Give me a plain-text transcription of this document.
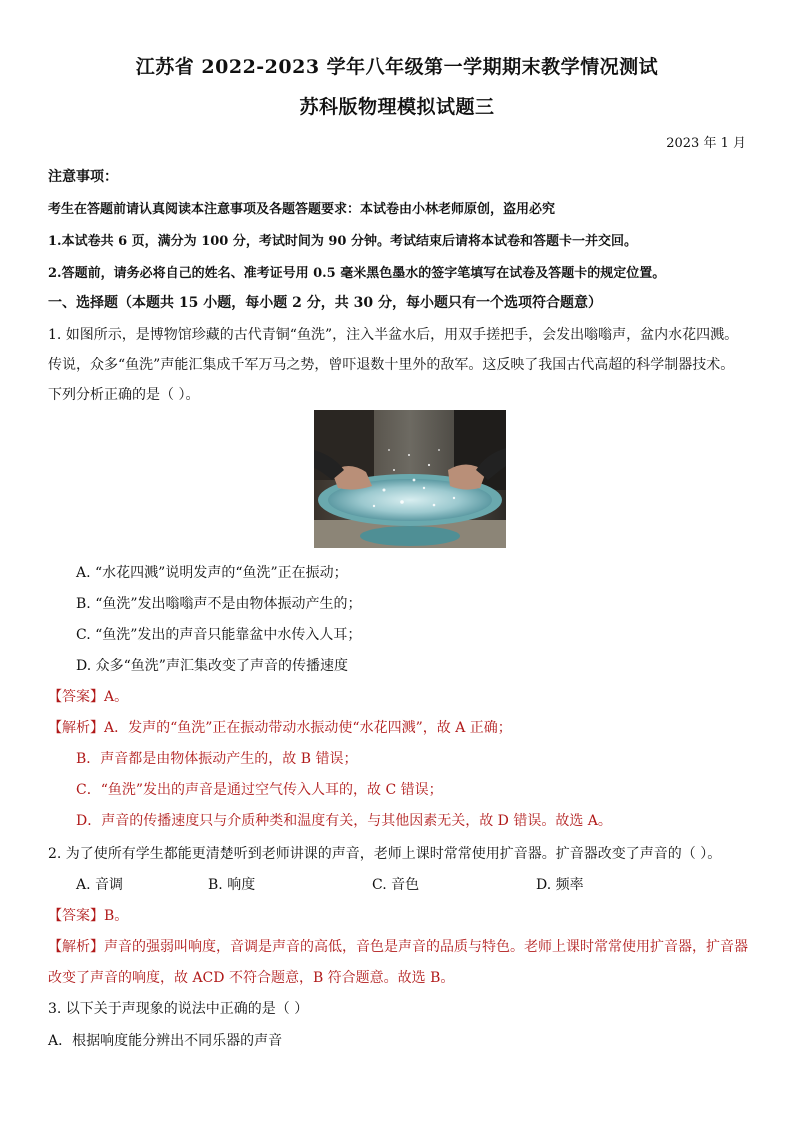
江苏省 2022-2023 学年八年级第一学期期末教学情况测试
苏科版物理模拟试题三
2023 年 1 月
注意事项：
考生在答题前请认真阅读本注意事项及各题答题要求：本试卷由小林老师原创，盗用必究
1.本试卷共 6 页，满分为 100 分，考试时间为 90 分钟。考试结束后请将本试卷和答题卡一并交回。
2.答题前，请务必将自己的姓名、准考证号用 0.5 毫米黑色墨水的签字笔填写在试卷及答题卡的规定位置。
一、选择题（本题共 15 小题，每小题 2 分，共 30 分，每小题只有一个选项符合题意）
1. 如图所示，是博物馆珍藏的古代青铜“鱼洗”，注入半盆水后，用双手搓把手，会发出嗡嗡声，盆内水花四溅。
传说，众多“鱼洗”声能汇集成千军万马之势，曾吓退数十里外的敌军。这反映了我国古代高超的科学制器技术。
下列分析正确的是（ ）。
A. “水花四溅”说明发声的“鱼洗”正在振动；
B. “鱼洗”发出嗡嗡声不是由物体振动产生的；
C. “鱼洗”发出的声音只能靠盆中水传入人耳；
D. 众多“鱼洗”声汇集改变了声音的传播速度
【答案】A。
【解析】A．发声的“鱼洗”正在振动带动水振动使“水花四溅”，故 A 正确；
B．声音都是由物体振动产生的，故 B 错误；
C．“鱼洗”发出的声音是通过空气传入人耳的，故 C 错误；
D．声音的传播速度只与介质种类和温度有关，与其他因素无关，故 D 错误。故选 A。
2. 为了使所有学生都能更清楚听到老师讲课的声音，老师上课时常常使用扩音器。扩音器改变了声音的（ ）。
A. 音调	B. 响度	C. 音色	D. 频率
【答案】B。
【解析】声音的强弱叫响度，音调是声音的高低，音色是声音的品质与特色。老师上课时常常使用扩音器，扩音器
改变了声音的响度，故 ACD 不符合题意，B 符合题意。故选 B。
3. 以下关于声现象的说法中正确的是（ ）
A．根据响度能分辨出不同乐器的声音
